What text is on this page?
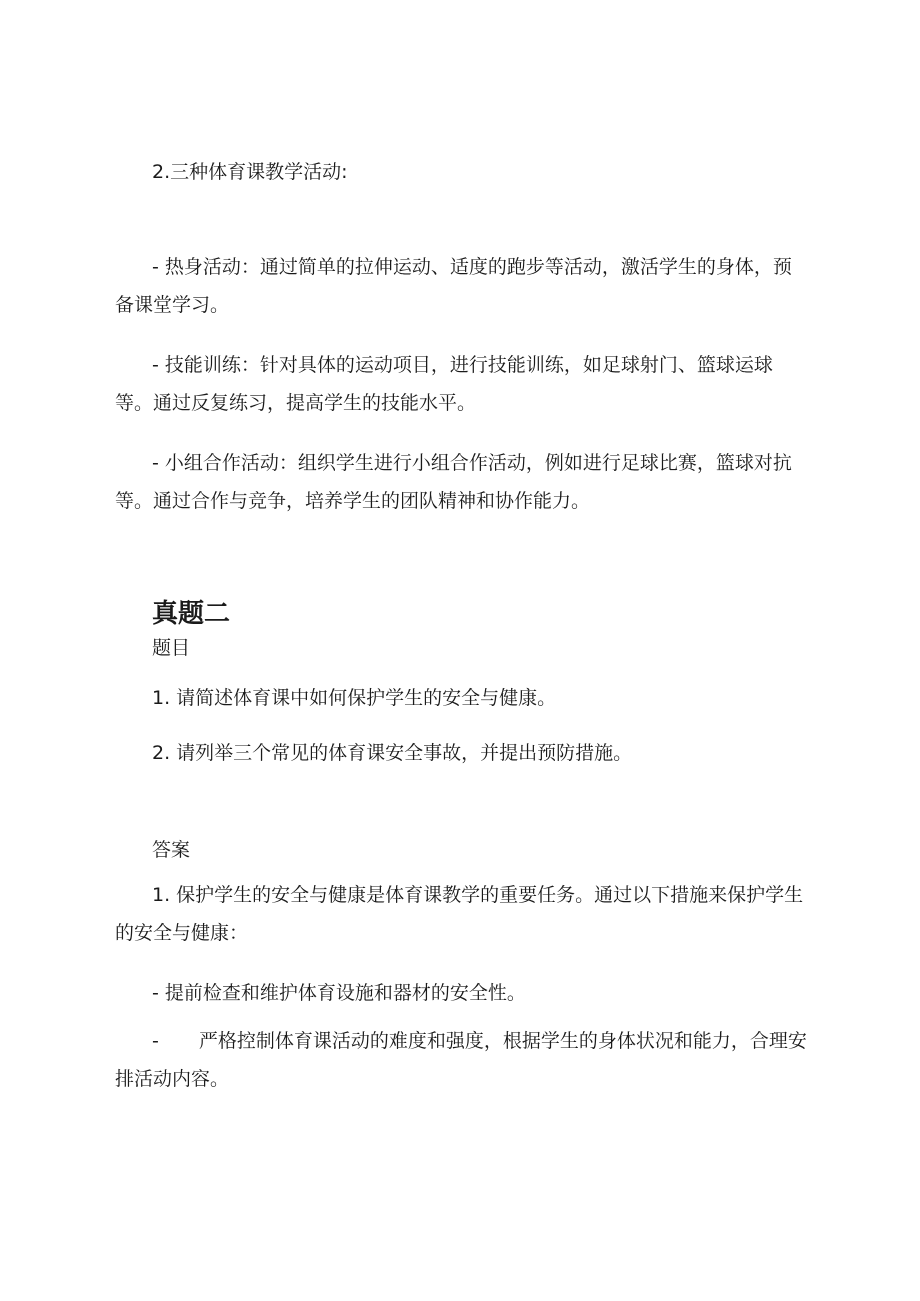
2.三种体育课教学活动:

- 热身活动：通过简单的拉伸运动、适度的跑步等活动，激活学生的身体，预备课堂学习。

- 技能训练：针对具体的运动项目，进行技能训练，如足球射门、篮球运球等。通过反复练习，提高学生的技能水平。

- 小组合作活动：组织学生进行小组合作活动，例如进行足球比赛，篮球对抗等。通过合作与竞争，培养学生的团队精神和协作能力。

真题二

题目

1. 请简述体育课中如何保护学生的安全与健康。

2. 请列举三个常见的体育课安全事故，并提出预防措施。

答案

1. 保护学生的安全与健康是体育课教学的重要任务。通过以下措施来保护学生的安全与健康：

- 提前检查和维护体育设施和器材的安全性。

- 严格控制体育课活动的难度和强度，根据学生的身体状况和能力，合理安排活动内容。
